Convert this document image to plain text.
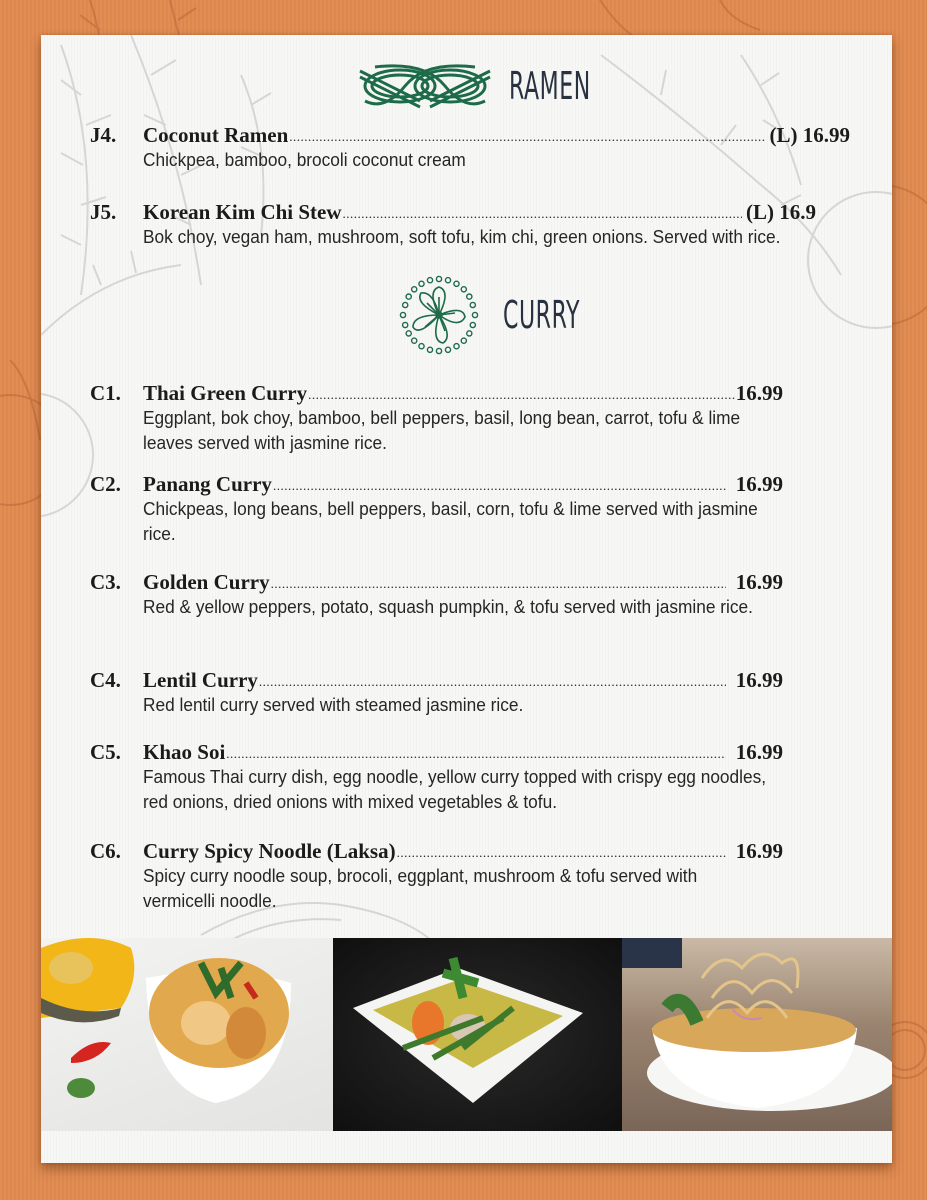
RAMEN
J4.	Coconut Ramen .....	(L) 16.99
Chickpea, bamboo, brocoli coconut cream
J5.	Korean Kim Chi Stew .....	(L) 16.9
Bok choy, vegan ham, mushroom, soft tofu, kim chi, green onions. Served with rice.
CURRY
C1.	Thai Green Curry .....	16.99
Eggplant, bok choy, bamboo, bell peppers, basil, long bean, carrot, tofu & lime leaves served with jasmine rice.
C2.	Panang Curry .....	16.99
Chickpeas, long beans, bell peppers, basil, corn, tofu & lime served with jasmine rice.
C3.	Golden Curry .....	16.99
Red & yellow peppers, potato, squash pumpkin, & tofu served with jasmine rice.
C4.	Lentil Curry .....	16.99
Red lentil curry served with steamed jasmine rice.
C5.	Khao Soi .....	16.99
Famous Thai curry dish, egg noodle, yellow curry topped with crispy egg noodles, red onions, dried onions with mixed vegetables & tofu.
C6.	Curry Spicy Noodle (Laksa) .....	16.99
Spicy curry noodle soup, brocoli, eggplant, mushroom & tofu served with vermicelli noodle.
